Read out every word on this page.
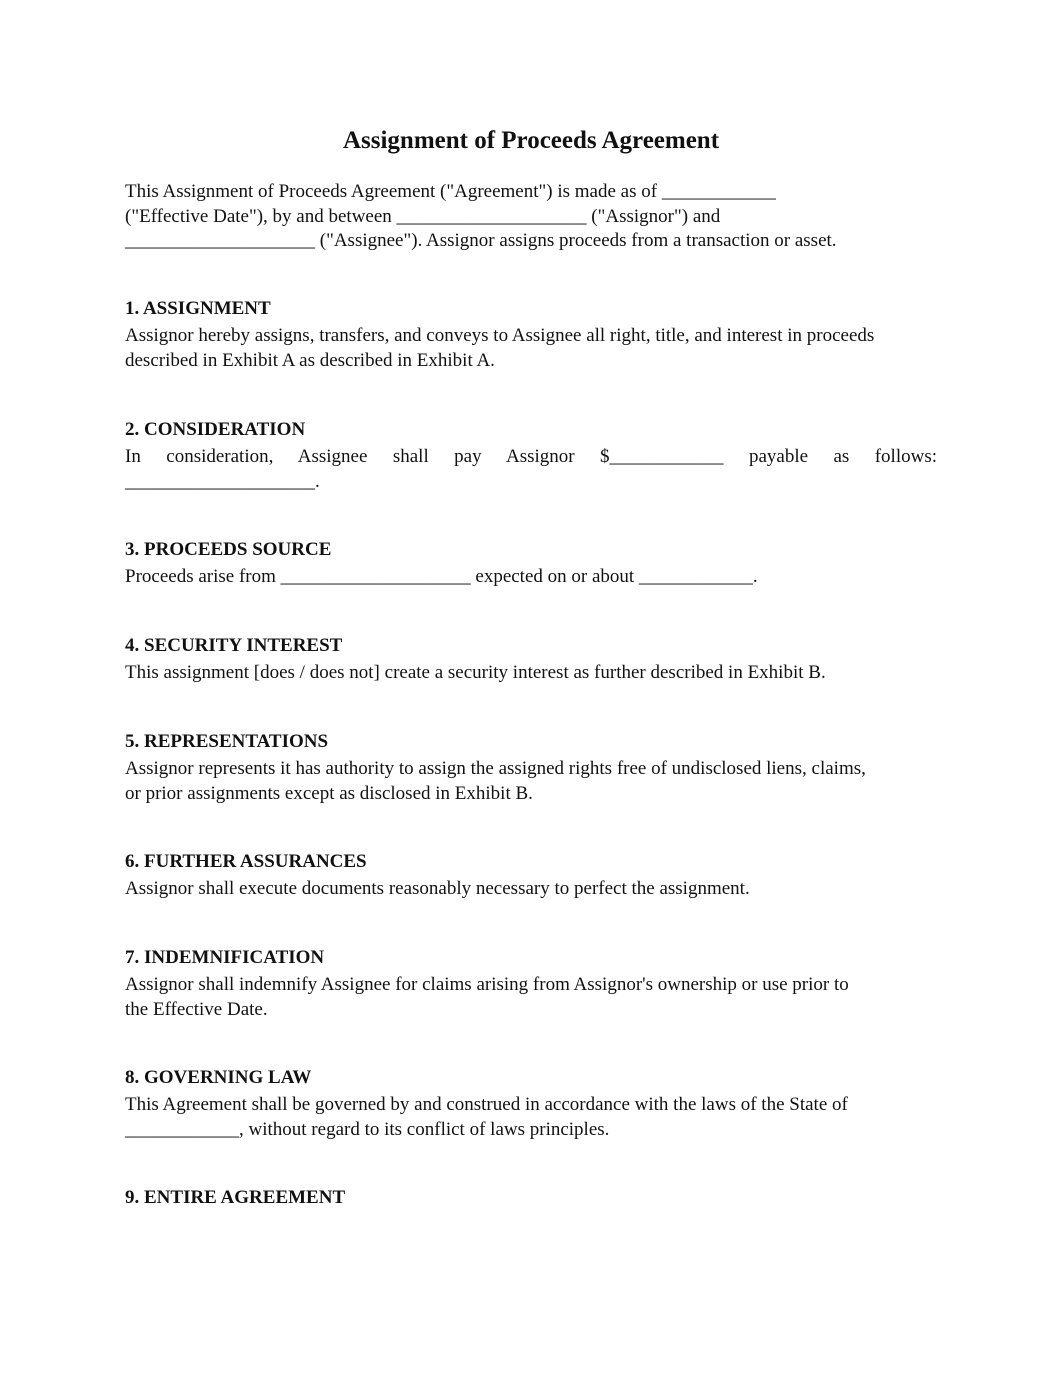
Assignment of Proceeds Agreement
This Assignment of Proceeds Agreement ("Agreement") is made as of ____________
("Effective Date"), by and between ____________________ ("Assignor") and
____________________ ("Assignee"). Assignor assigns proceeds from a transaction or asset.
1. ASSIGNMENT
Assignor hereby assigns, transfers, and conveys to Assignee all right, title, and interest in proceeds
described in Exhibit A as described in Exhibit A.
2. CONSIDERATION
In consideration, Assignee shall pay Assignor $____________ payable as follows:
____________________.
3. PROCEEDS SOURCE
Proceeds arise from ____________________ expected on or about ____________.
4. SECURITY INTEREST
This assignment [does / does not] create a security interest as further described in Exhibit B.
5. REPRESENTATIONS
Assignor represents it has authority to assign the assigned rights free of undisclosed liens, claims,
or prior assignments except as disclosed in Exhibit B.
6. FURTHER ASSURANCES
Assignor shall execute documents reasonably necessary to perfect the assignment.
7. INDEMNIFICATION
Assignor shall indemnify Assignee for claims arising from Assignor's ownership or use prior to
the Effective Date.
8. GOVERNING LAW
This Agreement shall be governed by and construed in accordance with the laws of the State of
____________, without regard to its conflict of laws principles.
9. ENTIRE AGREEMENT
